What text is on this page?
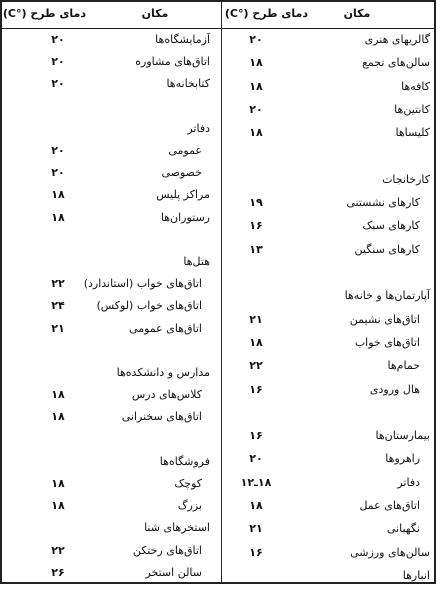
مکان
دمای طرح (°C)
مکان
دمای طرح (°C)
گالریهای هنری
۲۰
سالن‌های تجمع
۱۸
کافه‌ها
۱۸
کانتین‌ها
۲۰
کلیساها
۱۸
کارخانجات
کارهای نشستنی
۱۹
کارهای سبک
۱۶
کارهای سنگین
۱۳
آپارتمان‌ها و خانه‌ها
اتاق‌های نشیمن
۲۱
اتاق‌های خواب
۱۸
حمام‌ها
۲۲
هال ورودی
۱۶
بیمارستان‌ها
۱۶
راهروها
۲۰
دفاتر
۱۸ـ۱۲
اتاق‌های عمل
۱۸
نگهبانی
۲۱
سالن‌های ورزشی
۱۶
انبارها
آزمایشگاه‌ها
۲۰
اتاق‌های مشاوره
۲۰
کتابخانه‌ها
۲۰
دفاتر
عمومی
۲۰
خصوصی
۲۰
مراکز پلیس
۱۸
رستوران‌ها
۱۸
هتل‌ها
اتاق‌های خواب (استاندارد)
۲۲
اتاق‌های خواب (لوکس)
۲۴
اتاق‌های عمومی
۲۱
مدارس و دانشکده‌ها
کلاس‌های درس
۱۸
اتاق‌های سخنرانی
۱۸
فروشگاه‌ها
کوچک
۱۸
بزرگ
۱۸
استخرهای شنا
اتاق‌های رختکن
۲۲
سالن استخر
۲۶
